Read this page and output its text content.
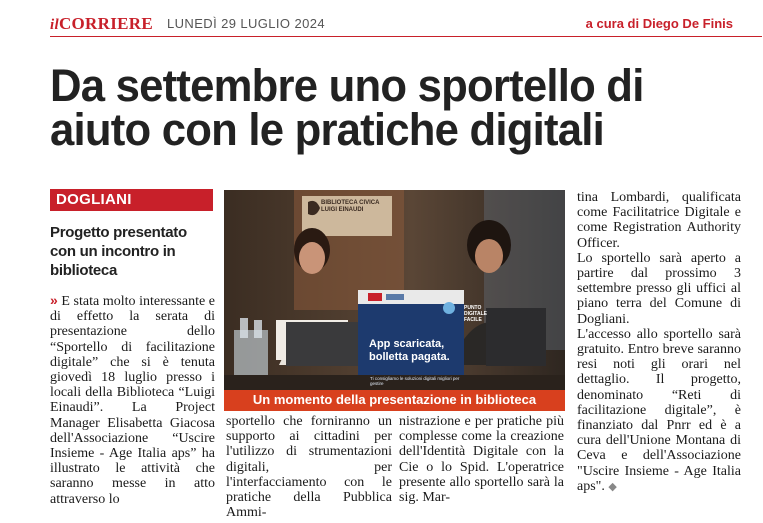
ilCORRIERE LUNEDÌ 29 LUGLIO 2024	a cura di Diego De Finis
Da settembre uno sportello di aiuto con le pratiche digitali
DOGLIANI
Progetto presentato con un incontro in biblioteca

» E stata molto interessante e di effetto la serata di presentazione dello “Sportello di facilitazione digitale” che si è tenuta giovedì 18 luglio presso i locali della Biblioteca “Luigi Einaudi”. La Project Manager Elisabetta Giacosa dell'Associazione “Uscire Insieme - Age Italia aps” ha illustrato le attività che saranno messe in atto attraverso lo

BIBLIOTECA CIVICA LUIGI EINAUDI
PUNTO DIGITALE FACILE
App scaricata, bolletta pagata.
Ti consigliamo le soluzioni digitali migliori per gestire
Un momento della presentazione in biblioteca

sportello che forniranno un supporto ai cittadini per l'utilizzo di strumentazioni digitali, per l'interfacciamento con le pratiche della Pubblica Ammi-

nistrazione e per pratiche più complesse come la creazione dell'Identità Digitale con la Cie o lo Spid. L'operatrice presente allo sportello sarà la sig. Mar-

tina Lombardi, qualificata come Facilitatrice Digitale e come Registration Authority Officer.

Lo sportello sarà aperto a partire dal prossimo 3 settembre presso gli uffici al piano terra del Comune di Dogliani.

L'accesso allo sportello sarà gratuito. Entro breve saranno resi noti gli orari nel dettaglio. Il progetto, denominato “Reti di facilitazione digitale”, è finanziato dal Pnrr ed è a cura dell'Unione Montana di Ceva e dell'Associazione "Uscire Insieme - Age Italia aps". ◆
